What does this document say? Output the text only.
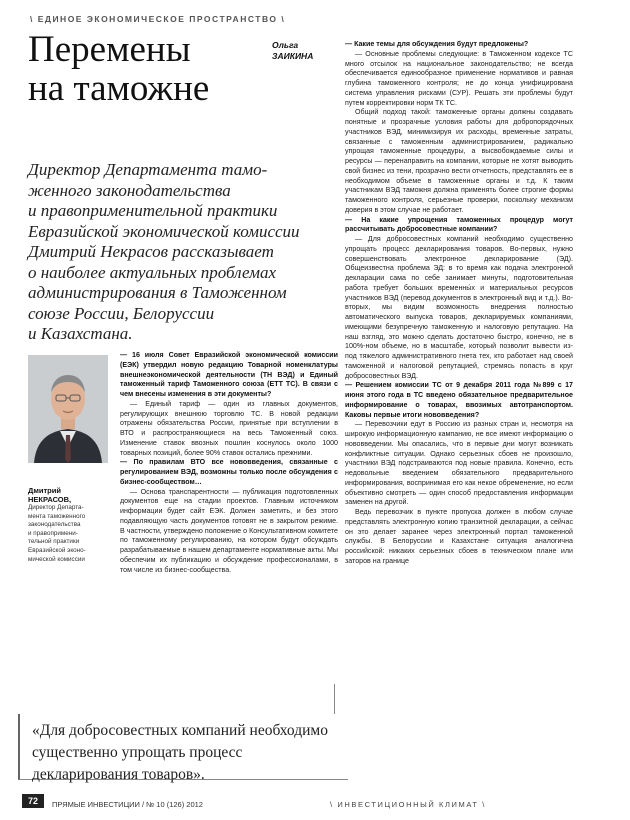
\ ЕДИНОЕ ЭКОНОМИЧЕСКОЕ ПРОСТРАНСТВО \
Перемены
на таможне
Ольга
ЗАИКИНА
Директор Департамента тамо-
женного законодательства
и правоприменительной практики
Евразийской экономической комиссии
Дмитрий Некрасов рассказывает
о наиболее актуальных проблемах
администрирования в Таможенном
союзе России, Белоруссии
и Казахстана.
Дмитрий
НЕКРАСОВ,
Директор Департа-
мента таможенного
законодательства
и правопримени-
тельной практики
Евразийской эконо-
мической комиссии

— 16 июля Совет Евразийской экономической комиссии (ЕЭК) утвердил новую редакцию Товарной номенклатуры внешнеэкономической деятельности (ТН ВЭД) и Единый таможенный тариф Таможенного союза (ЕТТ ТС). В связи с чем внесены изменения в эти документы?

— Единый тариф — один из главных документов, регулирующих внешнюю торговлю ТС. В новой редакции отражены обязательства России, принятые при вступлении в ВТО и распространяющиеся на весь Таможенный союз. Изменение ставок ввозных пошлин коснулось около 1000 товарных позиций, более 90% ставок остались прежними.

— По правилам ВТО все нововведения, связанные с регулированием ВЭД, возможны только после обсуждения с бизнес-сообществом…

— Основа транспарентности — публикация подготовленных документов еще на стадии проектов. Главным источником информации будет сайт ЕЭК. Должен заметить, и без этого подавляющую часть документов готовят не в закрытом режиме. В частности, утверждено положение о Консультативном комитете по таможенному регулированию, на котором будут обсуждать разрабатываемые в нашем департаменте нормативные акты. Мы обеспечим их публикацию и обсуждение профессионалами, в том числе из бизнес-сообщества.

— Какие темы для обсуждения будут предложены?

— Основные проблемы следующие: в Таможенном кодексе ТС много отсылок на национальное законодательство; не всегда обеспечивается единообразное применение нормативов и равная глубина таможенного контроля; не до конца унифицирована система управления рисками (СУР). Решать эти проблемы будут путем корректировки норм ТК ТС.

Общий подход такой: таможенные органы должны создавать понятные и прозрачные условия работы для добропорядочных участников ВЭД, минимизируя их расходы, временные затраты, связанные с таможенным администрированием, радикально упрощая таможенные процедуры, а высвобождаемые силы и ресурсы — перенаправить на компании, которые не хотят выводить свой бизнес из тени, прозрачно вести отчетность, представлять ее в необходимом объеме в таможенные органы и т.д. К таким участникам ВЭД таможня должна применять более строгие формы таможенного контроля, серьезные проверки, поскольку механизм доверия в этом случае не работает.

— На какие упрощения таможенных процедур могут рассчитывать добросовестные компании?

— Для добросовестных компаний необходимо существенно упрощать процесс декларирования товаров. Во-первых, нужно совершенствовать электронное декларирование (ЭД). Общеизвестна проблема ЭД: в то время как подача электронной декларации сама по себе занимает минуты, подготовительная работа требует больших временны́х и материальных ресурсов участников ВЭД (перевод документов в электронный вид и т.д.). Во-вторых, мы видим возможность внедрения полностью автоматического выпуска товаров, декларируемых компаниями, имеющими безупречную таможенную и налоговую репутацию. На наш взгляд, это можно сделать достаточно быстро, конечно, не в 100%-ном объеме, но в масштабе, который позволит вывести из-под тяжелого административного гнета тех, кто работает над своей таможенной и налоговой репутацией, стремясь попасть в круг добросовестных ВЭД.

— Решением комиссии ТС от 9 декабря 2011 года №899 с 17 июня этого года в ТС введено обязательное предварительное информирование о товарах, ввозимых автотранспортом. Каковы первые итоги нововведения?

— Перевозчики едут в Россию из разных стран и, несмотря на широкую информационную кампанию, не все имеют информацию о нововведении. Мы опасались, что в первые дни могут возникать конфликтные ситуации. Однако серьезных сбоев не произошло, участники ВЭД подстраиваются под новые правила. Конечно, есть недовольные введением обязательного предварительного информирования, воспринимая его как некое обременение, но если объективно смотреть — один способ предоставления информации заменен на другой.

Ведь перевозчик в пункте пропуска должен в любом случае представлять электронную копию транзитной декларации, а сейчас он это делает заранее через электронный портал таможенной службы. В Белоруссии и Казахстане ситуация аналогична российской: никаких серьезных сбоев в техническом плане или заторов на границе

«Для добросовестных компаний необходимо существенно упрощать процесс декларирования товаров».
72	ПРЯМЫЕ ИНВЕСТИЦИИ / № 10 (126) 2012	\ ИНВЕСТИЦИОННЫЙ КЛИМАТ \
